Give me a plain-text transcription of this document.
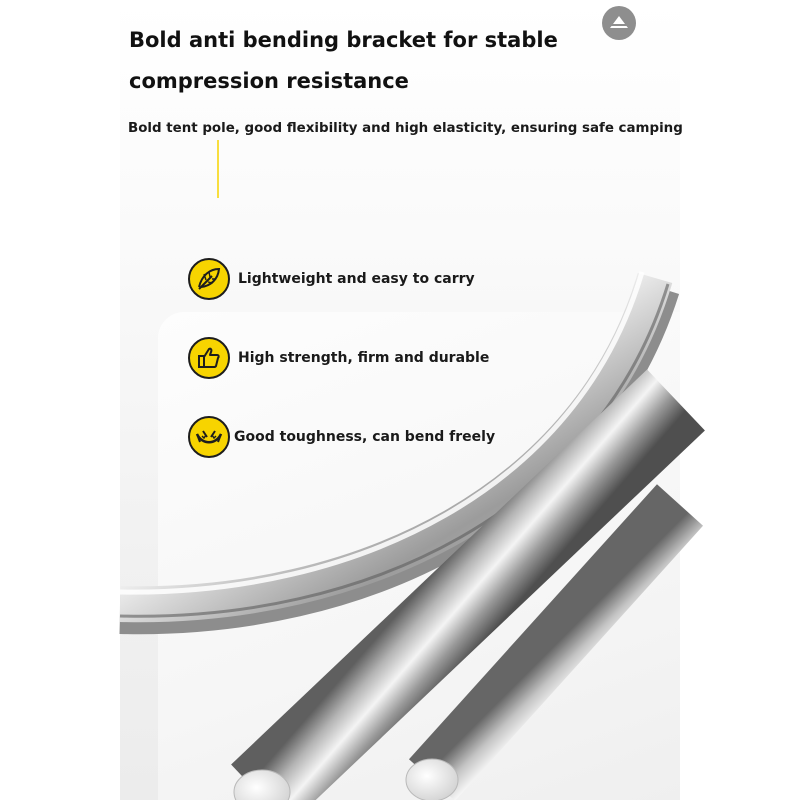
Bold anti bending bracket for stable compression resistance

Bold tent pole, good flexibility and high elasticity, ensuring safe camping

Lightweight and easy to carry
High strength, firm and durable
Good toughness, can bend freely
